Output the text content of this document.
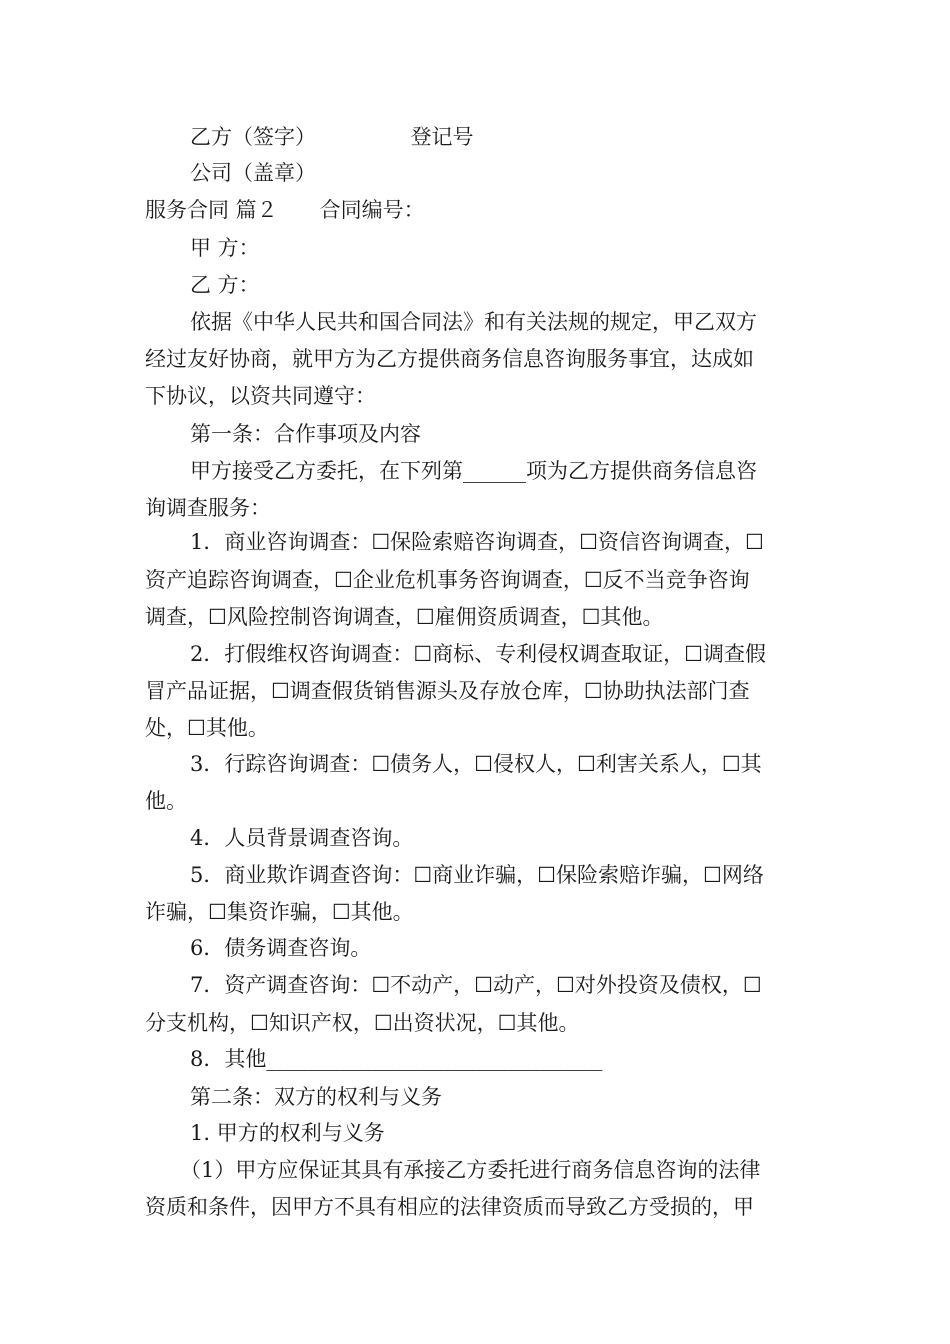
乙方（签字）　　　　　登记号
公司（盖章）
服务合同 篇２　　合同编号：
甲 方：
乙 方：
依据《中华人民共和国合同法》和有关法规的规定，甲乙双方
经过友好协商，就甲方为乙方提供商务信息咨询服务事宜，达成如
下协议，以资共同遵守：
第一条：合作事项及内容
甲方接受乙方委托，在下列第______项为乙方提供商务信息咨
询调查服务：
1．商业咨询调查：☐保险索赔咨询调查，☐资信咨询调查，☐
资产追踪咨询调查，☐企业危机事务咨询调查，☐反不当竞争咨询
调查，☐风险控制咨询调查，☐雇佣资质调查，☐其他。
2．打假维权咨询调查：☐商标、专利侵权调查取证，☐调查假
冒产品证据，☐调查假货销售源头及存放仓库，☐协助执法部门查
处，☐其他。
3．行踪咨询调查：☐债务人，☐侵权人，☐利害关系人，☐其
他。
4．人员背景调查咨询。
5．商业欺诈调查咨询：☐商业诈骗，☐保险索赔诈骗，☐网络
诈骗，☐集资诈骗，☐其他。
6．债务调查咨询。
7．资产调查咨询：☐不动产，☐动产，☐对外投资及债权，☐
分支机构，☐知识产权，☐出资状况，☐其他。
8．其他________________________________
第二条：双方的权利与义务
1. 甲方的权利与义务
（1）甲方应保证其具有承接乙方委托进行商务信息咨询的法律
资质和条件，因甲方不具有相应的法律资质而导致乙方受损的，甲
